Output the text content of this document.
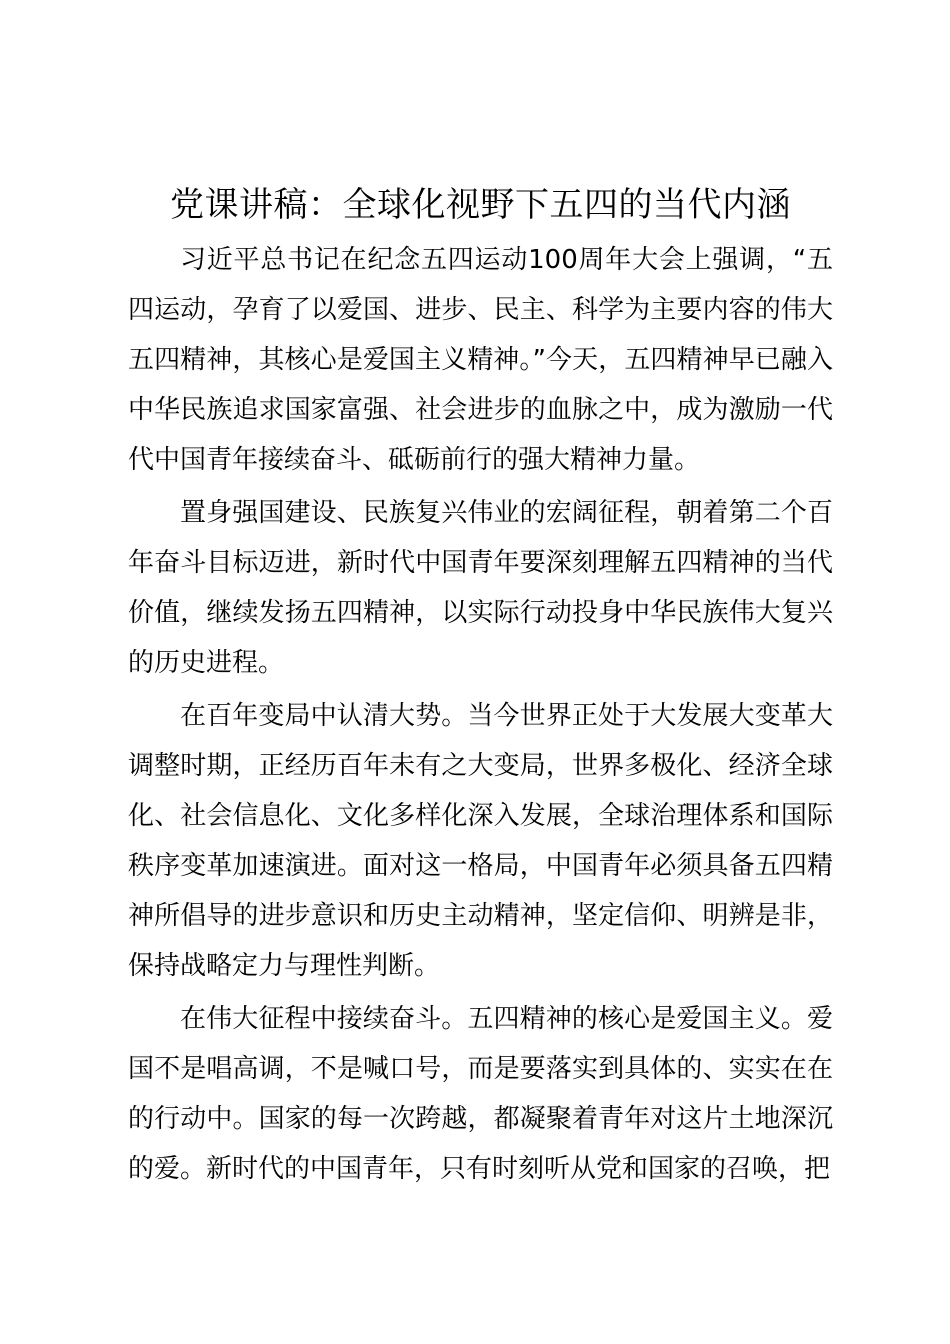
党课讲稿：全球化视野下五四的当代内涵

习近平总书记在纪念五四运动100周年大会上强调，“五四运动，孕育了以爱国、进步、民主、科学为主要内容的伟大五四精神，其核心是爱国主义精神。”今天，五四精神早已融入中华民族追求国家富强、社会进步的血脉之中，成为激励一代代中国青年接续奋斗、砥砺前行的强大精神力量。

置身强国建设、民族复兴伟业的宏阔征程，朝着第二个百年奋斗目标迈进，新时代中国青年要深刻理解五四精神的当代价值，继续发扬五四精神，以实际行动投身中华民族伟大复兴的历史进程。

在百年变局中认清大势。当今世界正处于大发展大变革大调整时期，正经历百年未有之大变局，世界多极化、经济全球化、社会信息化、文化多样化深入发展，全球治理体系和国际秩序变革加速演进。面对这一格局，中国青年必须具备五四精神所倡导的进步意识和历史主动精神，坚定信仰、明辨是非，保持战略定力与理性判断。

在伟大征程中接续奋斗。五四精神的核心是爱国主义。爱国不是唱高调，不是喊口号，而是要落实到具体的、实实在在的行动中。国家的每一次跨越，都凝聚着青年对这片土地深沉的爱。新时代的中国青年，只有时刻听从党和国家的召唤，把
